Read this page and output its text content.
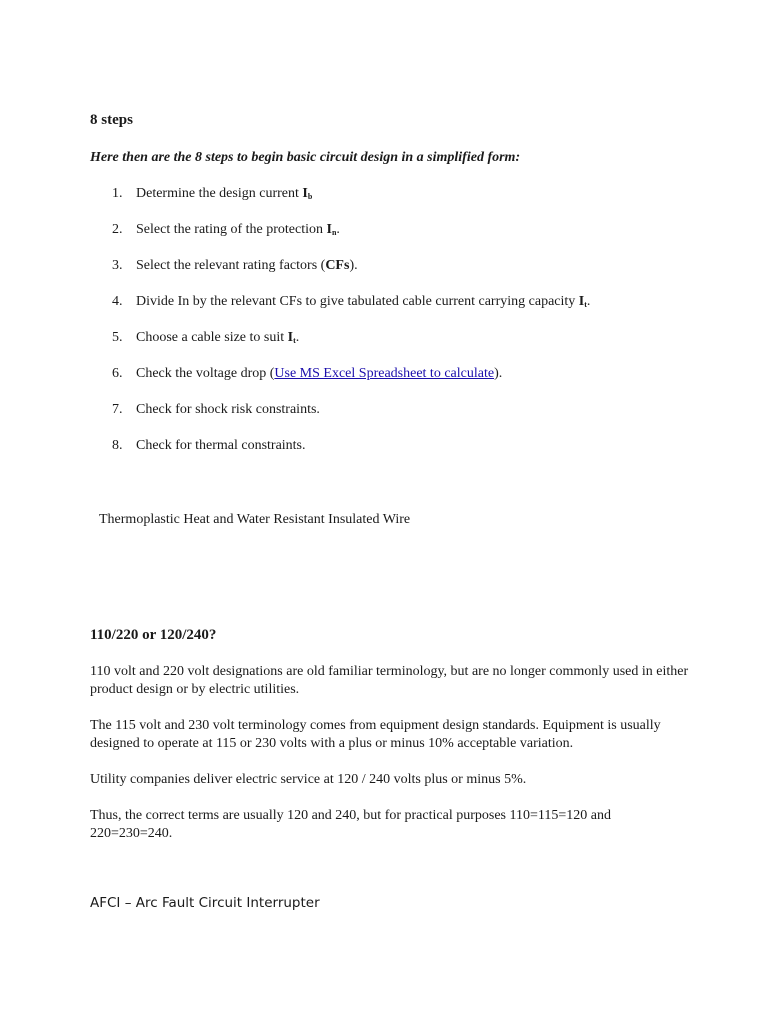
8 steps

Here then are the 8 steps to begin basic circuit design in a simplified form:

1. Determine the design current $I_b$
2. Select the rating of the protection $I_n$.
3. Select the relevant rating factors (CFs).
4. Divide In by the relevant CFs to give tabulated cable current carrying capacity $I_t$.
5. Choose a cable size to suit $I_t$.
6. Check the voltage drop (Use MS Excel Spreadsheet to calculate).
7. Check for shock risk constraints.
8. Check for thermal constraints.

Thermoplastic Heat and Water Resistant Insulated Wire

110/220 or 120/240?

110 volt and 220 volt designations are old familiar terminology, but are no longer commonly used in either product design or by electric utilities.

The 115 volt and 230 volt terminology comes from equipment design standards. Equipment is usually designed to operate at 115 or 230 volts with a plus or minus 10% acceptable variation.

Utility companies deliver electric service at 120 / 240 volts plus or minus 5%.

Thus, the correct terms are usually 120 and 240, but for practical purposes 110=115=120 and 220=230=240.

AFCI – Arc Fault Circuit Interrupter
